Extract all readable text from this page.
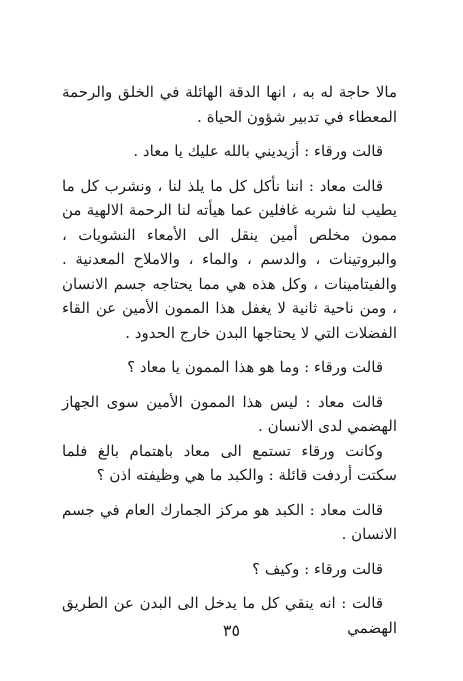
مالا حاجة له به ، انها الدقة الهائلة في الخلق والرحمة المعطاء في تدبير شؤون الحياة .

قالت ورقاء : أزيديني بالله عليك يا معاد .

قالت معاد : اننا نأكل كل ما يلذ لنا ، ونشرب كل ما يطيب لنا شربه غافلين عما هيأته لنا الرحمة الالهية من ممون مخلص أمين ينقل الى الأمعاء النشويات ، والبروتينات ، والدسم ، والماء ، والاملاح المعدنية . والفيتامينات ، وكل هذه هي مما يحتاجه جسم الانسان ، ومن ناحية ثانية لا يغفل هذا الممون الأمين عن القاء الفضلات التي لا يحتاجها البدن خارج الحدود .

قالت ورقاء : وما هو هذا الممون يا معاد ؟

قالت معاد : ليس هذا الممون الأمين سوى الجهاز الهضمي لدى الانسان .

وكانت ورقاء تستمع الى معاد باهتمام بالغ فلما سكتت أردفت قائلة : والكبد ما هي وظيفته اذن ؟

قالت معاد : الكبد هو مركز الجمارك العام في جسم الانسان .

قالت ورقاء : وكيف ؟

قالت : انه ينقي كل ما يدخل الى البدن عن الطريق الهضمي

٣٥
